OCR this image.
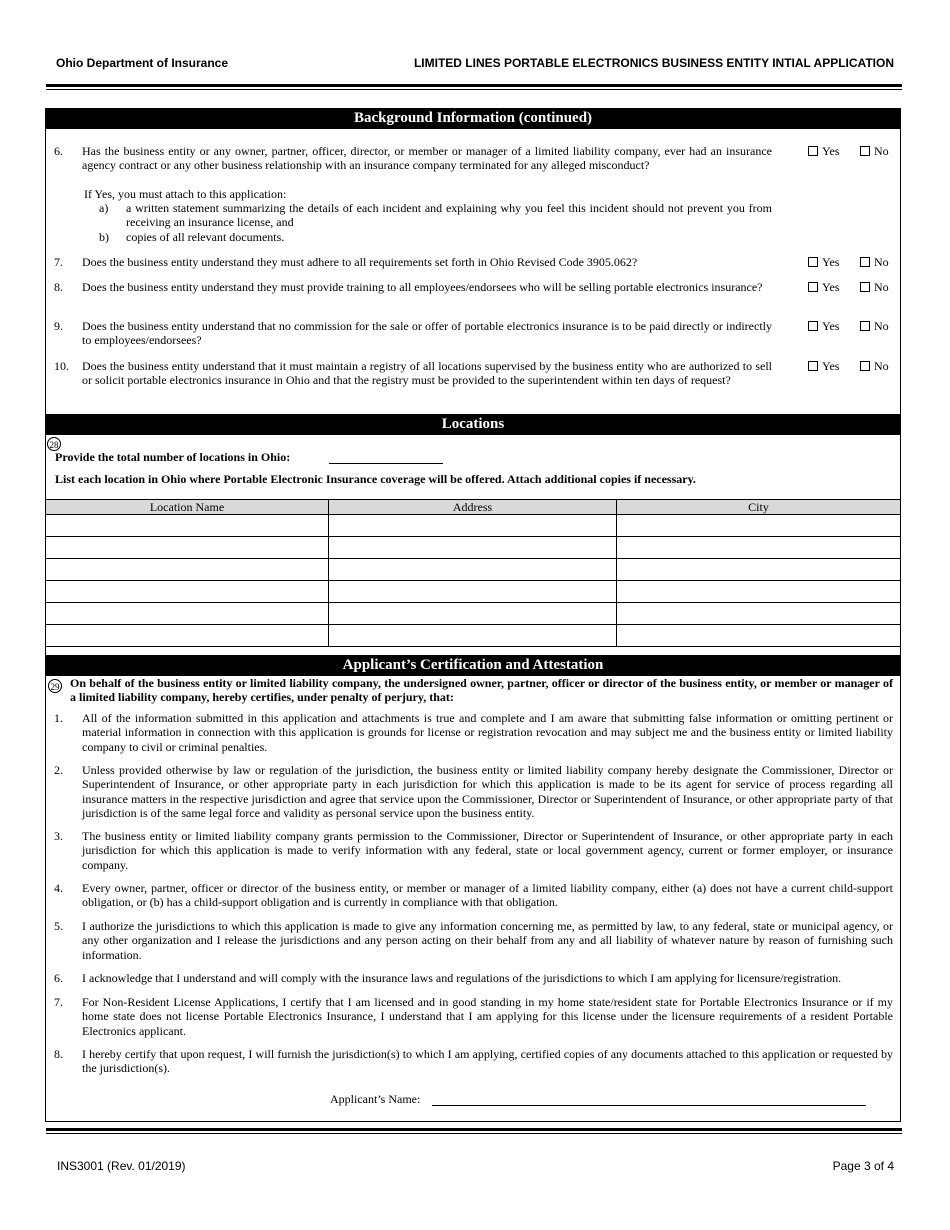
Ohio Department of Insurance	LIMITED LINES PORTABLE ELECTRONICS BUSINESS ENTITY INTIAL APPLICATION
Background Information (continued)
6. Has the business entity or any owner, partner, officer, director, or member or manager of a limited liability company, ever had an insurance agency contract or any other business relationship with an insurance company terminated for any alleged misconduct?
Yes	No
If Yes, you must attach to this application:
a) a written statement summarizing the details of each incident and explaining why you feel this incident should not prevent you from receiving an insurance license, and
b) copies of all relevant documents.
7. Does the business entity understand they must adhere to all requirements set forth in Ohio Revised Code 3905.062?	Yes	No
8. Does the business entity understand they must provide training to all employees/endorsees who will be selling portable electronics insurance?	Yes	No
9. Does the business entity understand that no commission for the sale or offer of portable electronics insurance is to be paid directly or indirectly to employees/endorsees?
Yes	No
10. Does the business entity understand that it must maintain a registry of all locations supervised by the business entity who are authorized to sell or solicit portable electronics insurance in Ohio and that the registry must be provided to the superintendent within ten days of request?
Yes	No
Locations
28
Provide the total number of locations in Ohio:
List each location in Ohio where Portable Electronic Insurance coverage will be offered. Attach additional copies if necessary.
Location Name	Address	City

Applicant’s Certification and Attestation
29 On behalf of the business entity or limited liability company, the undersigned owner, partner, officer or director of the business entity, or member or manager of a limited liability company, hereby certifies, under penalty of perjury, that:
1. All of the information submitted in this application and attachments is true and complete and I am aware that submitting false information or omitting pertinent or material information in connection with this application is grounds for license or registration revocation and may subject me and the business entity or limited liability company to civil or criminal penalties.
2. Unless provided otherwise by law or regulation of the jurisdiction, the business entity or limited liability company hereby designate the Commissioner, Director or Superintendent of Insurance, or other appropriate party in each jurisdiction for which this application is made to be its agent for service of process regarding all insurance matters in the respective jurisdiction and agree that service upon the Commissioner, Director or Superintendent of Insurance, or other appropriate party of that jurisdiction is of the same legal force and validity as personal service upon the business entity.
3. The business entity or limited liability company grants permission to the Commissioner, Director or Superintendent of Insurance, or other appropriate party in each jurisdiction for which this application is made to verify information with any federal, state or local government agency, current or former employer, or insurance company.
4. Every owner, partner, officer or director of the business entity, or member or manager of a limited liability company, either (a) does not have a current child-support obligation, or (b) has a child-support obligation and is currently in compliance with that obligation.
5. I authorize the jurisdictions to which this application is made to give any information concerning me, as permitted by law, to any federal, state or municipal agency, or any other organization and I release the jurisdictions and any person acting on their behalf from any and all liability of whatever nature by reason of furnishing such information.
6. I acknowledge that I understand and will comply with the insurance laws and regulations of the jurisdictions to which I am applying for licensure/registration.
7. For Non-Resident License Applications, I certify that I am licensed and in good standing in my home state/resident state for Portable Electronics Insurance or if my home state does not license Portable Electronics Insurance, I understand that I am applying for this license under the licensure requirements of a resident Portable Electronics applicant.
8. I hereby certify that upon request, I will furnish the jurisdiction(s) to which I am applying, certified copies of any documents attached to this application or requested by the jurisdiction(s).
Applicant’s Name:
INS3001 (Rev. 01/2019)	Page 3 of 4
